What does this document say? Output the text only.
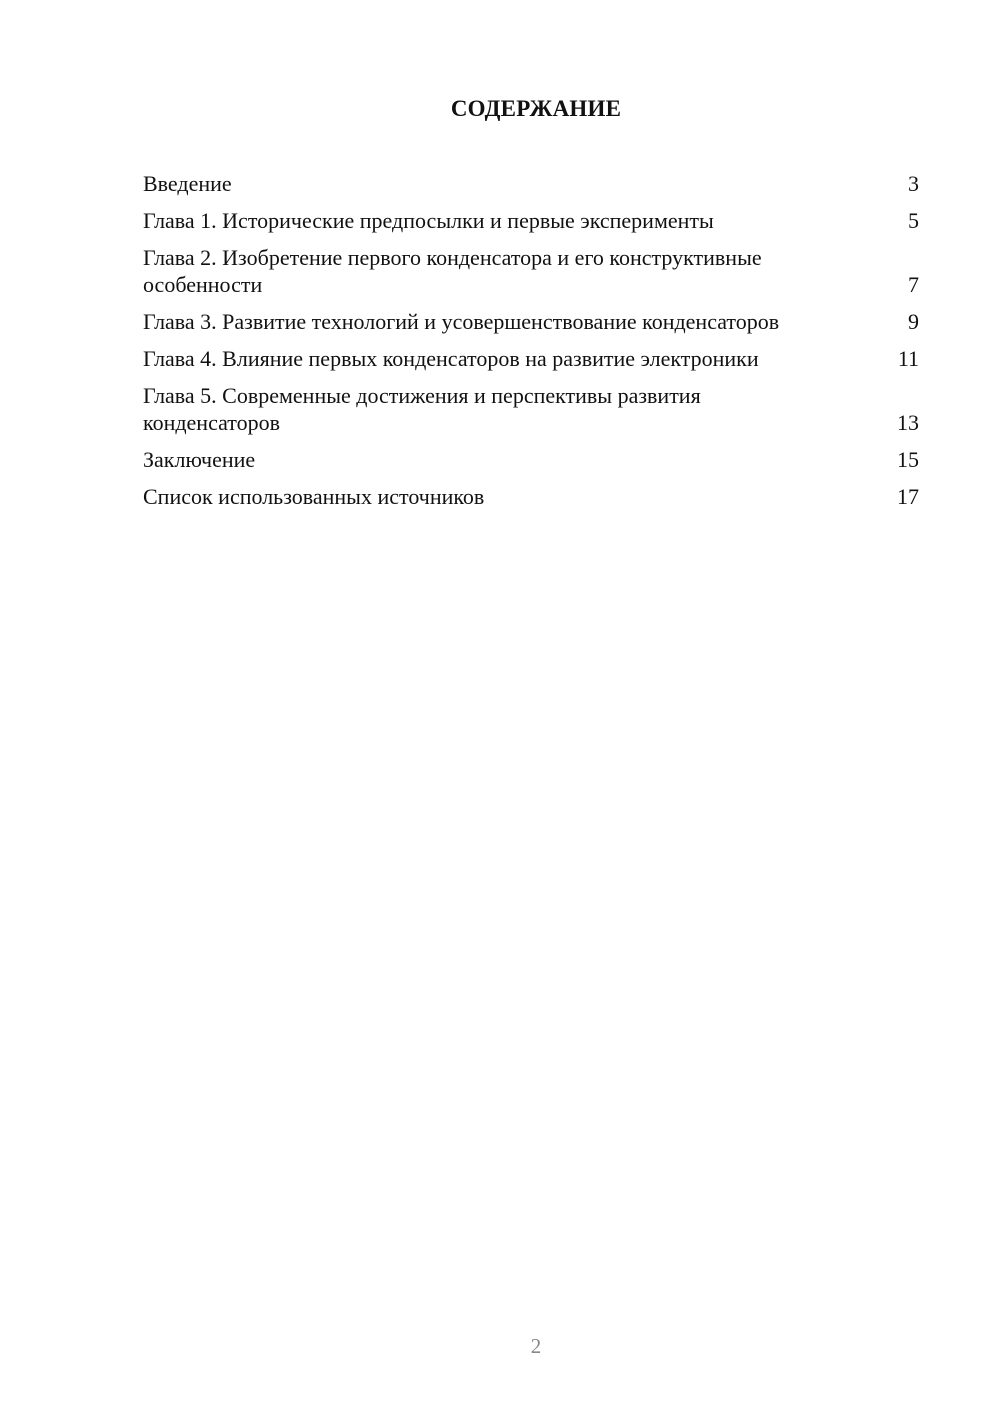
СОДЕРЖАНИЕ
Введение	3
Глава 1. Исторические предпосылки и первые эксперименты	5
Глава 2. Изобретение первого конденсатора и его конструктивные особенности	7
Глава 3. Развитие технологий и усовершенствование конденсаторов	9
Глава 4. Влияние первых конденсаторов на развитие электроники	11
Глава 5. Современные достижения и перспективы развития конденсаторов	13
Заключение	15
Список использованных источников	17
2
